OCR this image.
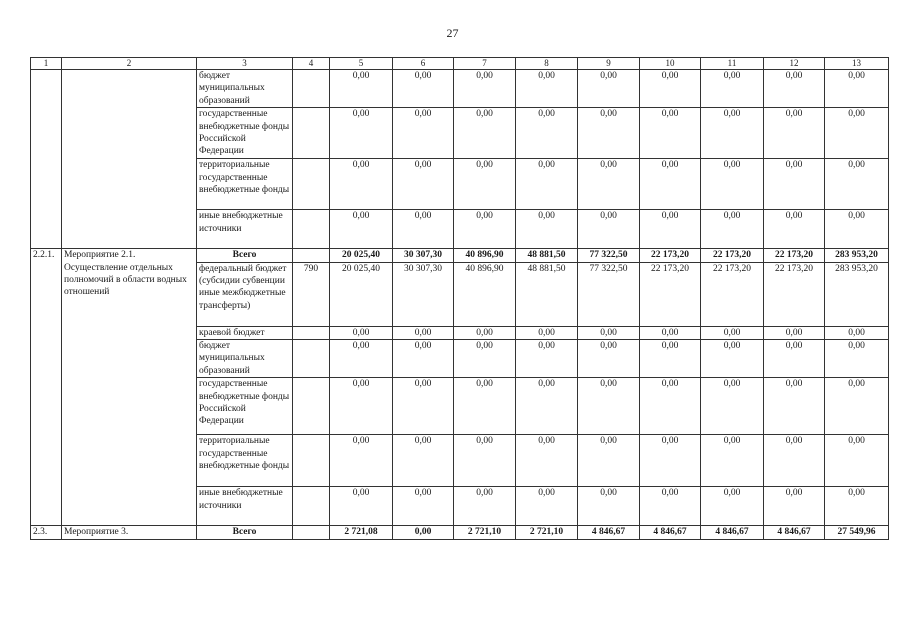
27
1	2	3	4	5	6	7	8	9	10	11	12	13
		бюджет муниципальных образований		0,00	0,00	0,00	0,00	0,00	0,00	0,00	0,00	0,00
		государственные внебюджетные фонды Российской Федерации		0,00	0,00	0,00	0,00	0,00	0,00	0,00	0,00	0,00
		территориальные государственные внебюджетные фонды		0,00	0,00	0,00	0,00	0,00	0,00	0,00	0,00	0,00
		иные внебюджетные источники		0,00	0,00	0,00	0,00	0,00	0,00	0,00	0,00	0,00
2.2.1.	Мероприятие 2.1. Осуществление отдельных полномочий в области водных отношений	Всего		20 025,40	30 307,30	40 896,90	48 881,50	77 322,50	22 173,20	22 173,20	22 173,20	283 953,20
		федеральный бюджет (субсидии субвенции иные межбюджетные трансферты)	790	20 025,40	30 307,30	40 896,90	48 881,50	77 322,50	22 173,20	22 173,20	22 173,20	283 953,20
		краевой бюджет		0,00	0,00	0,00	0,00	0,00	0,00	0,00	0,00	0,00
		бюджет муниципальных образований		0,00	0,00	0,00	0,00	0,00	0,00	0,00	0,00	0,00
		государственные внебюджетные фонды Российской Федерации		0,00	0,00	0,00	0,00	0,00	0,00	0,00	0,00	0,00
		территориальные государственные внебюджетные фонды		0,00	0,00	0,00	0,00	0,00	0,00	0,00	0,00	0,00
		иные внебюджетные источники		0,00	0,00	0,00	0,00	0,00	0,00	0,00	0,00	0,00
2.3.	Мероприятие 3.	Всего		2 721,08	0,00	2 721,10	2 721,10	4 846,67	4 846,67	4 846,67	4 846,67	27 549,96
